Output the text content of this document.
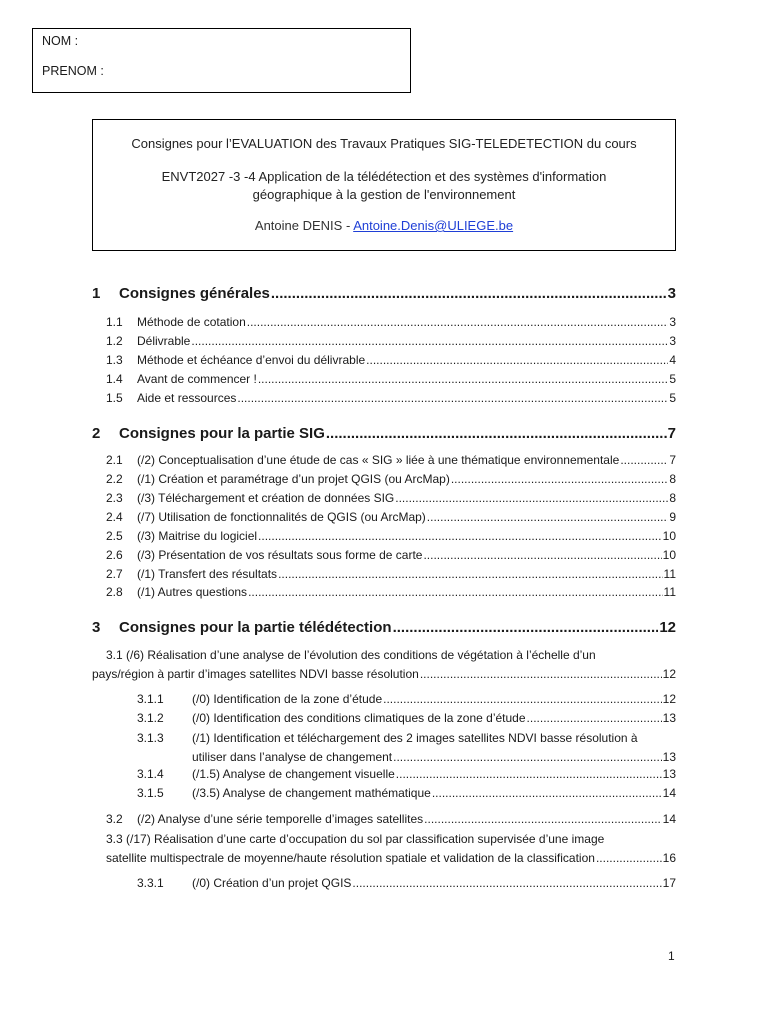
NOM :
PRENOM :
Consignes pour l’EVALUATION des Travaux Pratiques SIG-TELEDETECTION du cours
ENVT2027 -3 -4 Application de la télédétection et des systèmes d'information
géographique à la gestion de l'environnement
Antoine DENIS - Antoine.Denis@ULIEGE.be
1	Consignes générales .....	3
1.1	Méthode de cotation .....	3
1.2	Délivrable .....	3
1.3	Méthode et échéance d’envoi du délivrable .....	4
1.4	Avant de commencer ! .....	5
1.5	Aide et ressources .....	5
2	Consignes pour la partie SIG .....	7
2.1	(/2) Conceptualisation d’une étude de cas « SIG » liée à une thématique environnementale .....	7
2.2	(/1) Création et paramétrage d’un projet QGIS (ou ArcMap) .....	8
2.3	(/3) Téléchargement et création de données SIG .....	8
2.4	(/7) Utilisation de fonctionnalités de QGIS (ou ArcMap) .....	9
2.5	(/3) Maitrise du logiciel .....	10
2.6	(/3) Présentation de vos résultats sous forme de carte .....	10
2.7	(/1) Transfert des résultats .....	11
2.8	(/1) Autres questions .....	11
3	Consignes pour la partie télédétection .....	12
3.1 (/6) Réalisation d’une analyse de l’évolution des conditions de végétation à l’échelle d’un
pays/région à partir d’images satellites NDVI basse résolution .....	12
3.1.1	(/0) Identification de la zone d’étude .....	12
3.1.2	(/0) Identification des conditions climatiques de la zone d’étude .....	13
3.1.3	(/1) Identification et téléchargement des 2 images satellites NDVI basse résolution à
utiliser dans l’analyse de changement .....	13
3.1.4	(/1.5) Analyse de changement visuelle .....	13
3.1.5	(/3.5) Analyse de changement mathématique .....	14
3.2	(/2) Analyse d’une série temporelle d’images satellites .....	14
3.3 (/17) Réalisation d’une carte d’occupation du sol par classification supervisée d’une image
satellite multispectrale de moyenne/haute résolution spatiale et validation de la classification .....	16
3.3.1	(/0) Création d’un projet QGIS .....	17
1
